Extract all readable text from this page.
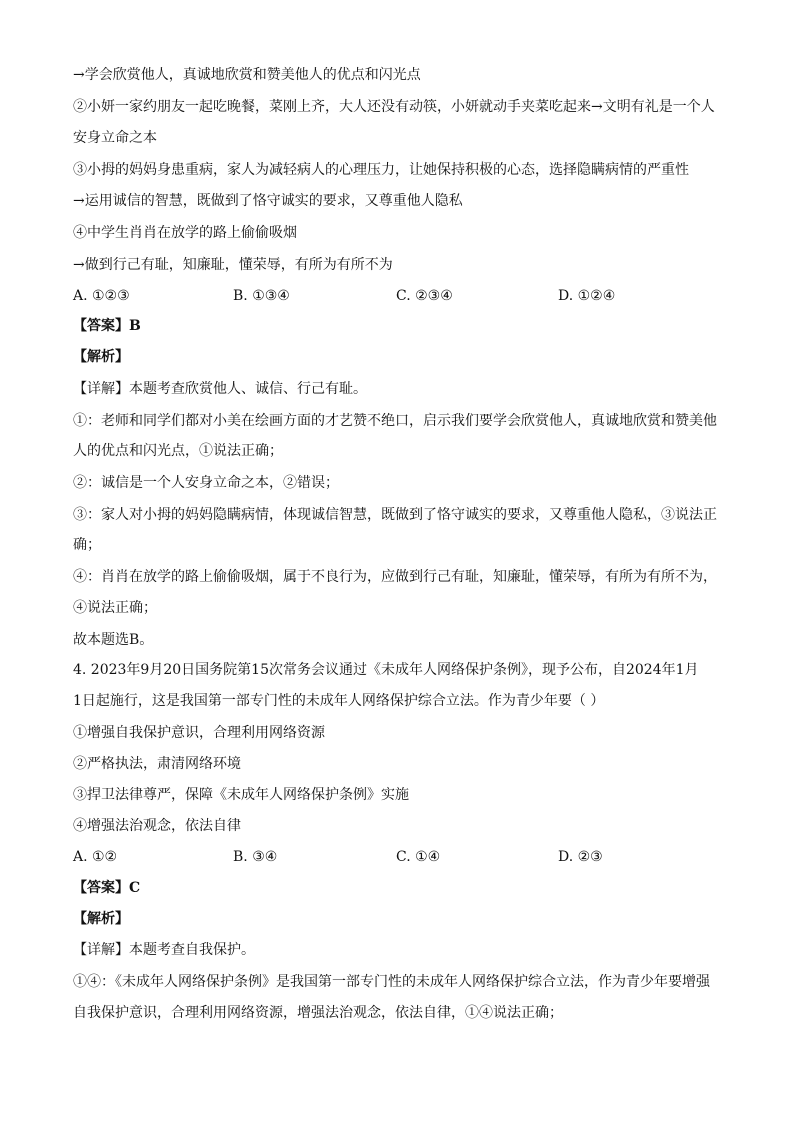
→学会欣赏他人，真诚地欣赏和赞美他人的优点和闪光点
②小妍一家约朋友一起吃晚餐，菜刚上齐，大人还没有动筷，小妍就动手夹菜吃起来→文明有礼是一个人
安身立命之本
③小拇的妈妈身患重病，家人为减轻病人的心理压力，让她保持积极的心态，选择隐瞒病情的严重性
→运用诚信的智慧，既做到了恪守诚实的要求，又尊重他人隐私
④中学生肖肖在放学的路上偷偷吸烟
→做到行己有耻，知廉耻，懂荣辱，有所为有所不为
A. ①②③	B. ①③④	C. ②③④	D. ①②④
【答案】B
【解析】
【详解】本题考查欣赏他人、诚信、行己有耻。
①：老师和同学们都对小美在绘画方面的才艺赞不绝口，启示我们要学会欣赏他人，真诚地欣赏和赞美他
人的优点和闪光点，①说法正确；
②：诚信是一个人安身立命之本，②错误；
③：家人对小拇的妈妈隐瞒病情，体现诚信智慧，既做到了恪守诚实的要求，又尊重他人隐私，③说法正
确；
④：肖肖在放学的路上偷偷吸烟，属于不良行为，应做到行己有耻，知廉耻，懂荣辱，有所为有所不为，
④说法正确；
故本题选B。
4. 2023年9月20日国务院第15次常务会议通过《未成年人网络保护条例》，现予公布，自2024年1月
1日起施行，这是我国第一部专门性的未成年人网络保护综合立法。作为青少年要（ ）
①增强自我保护意识，合理利用网络资源
②严格执法，肃清网络环境
③捍卫法律尊严，保障《未成年人网络保护条例》实施
④增强法治观念，依法自律
A. ①②	B. ③④	C. ①④	D. ②③
【答案】C
【解析】
【详解】本题考查自我保护。
①④：《未成年人网络保护条例》是我国第一部专门性的未成年人网络保护综合立法，作为青少年要增强
自我保护意识，合理利用网络资源，增强法治观念，依法自律，①④说法正确；
